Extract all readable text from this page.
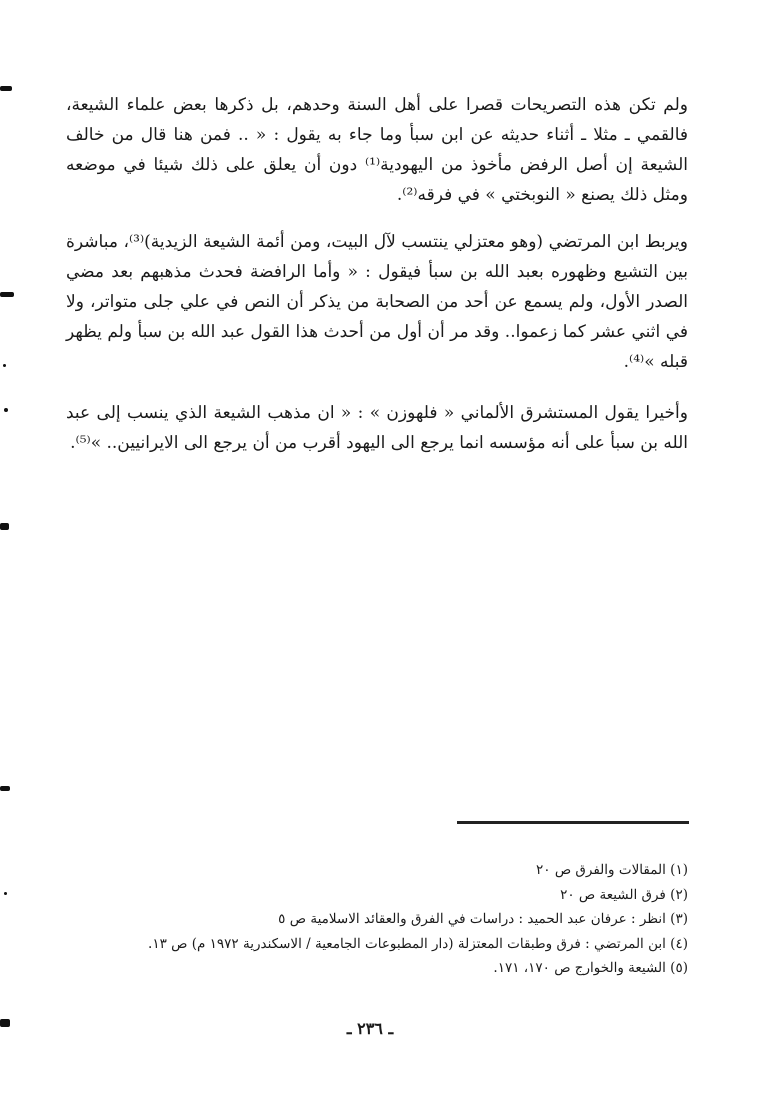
ولم تكن هذه التصريحات قصرا على أهل السنة وحدهم، بل ذكرها بعض علماء الشيعة، فالقمي ـ مثلا ـ أثناء حديثه عن ابن سبأ وما جاء به يقول : « .. فمن هنا قال من خالف الشيعة إن أصل الرفض مأخوذ من اليهودية⁽¹⁾ دون أن يعلق على ذلك شيئا في موضعه ومثل ذلك يصنع « النوبختي » في فرقه⁽²⁾.

ويربط ابن المرتضي (وهو معتزلي ينتسب لآل البيت، ومن أئمة الشيعة الزيدية)⁽³⁾، مباشرة بين التشيع وظهوره بعبد الله بن سبأ فيقول : « وأما الرافضة فحدث مذهبهم بعد مضي الصدر الأول، ولم يسمع عن أحد من الصحابة من يذكر أن النص في علي جلى متواتر، ولا في اثني عشر كما زعموا.. وقد مر أن أول من أحدث هذا القول عبد الله بن سبأ ولم يظهر قبله »⁽⁴⁾.

وأخيرا يقول المستشرق الألماني « فلهوزن » : « ان مذهب الشيعة الذي ينسب إلى عبد الله بن سبأ على أنه مؤسسه انما يرجع الى اليهود أقرب من أن يرجع الى الايرانيين.. »⁽⁵⁾.

(١) المقالات والفرق ص ٢٠
(٢) فرق الشيعة ص ٢٠
(٣) انظر : عرفان عبد الحميد : دراسات في الفرق والعقائد الاسلامية ص ٥
(٤) ابن المرتضي : فرق وطبقات المعتزلة (دار المطبوعات الجامعية / الاسكندرية ١٩٧٢ م) ص ١٣.
(٥) الشيعة والخوارج ص ١٧٠، ١٧١.
ـ ٢٣٦ ـ
